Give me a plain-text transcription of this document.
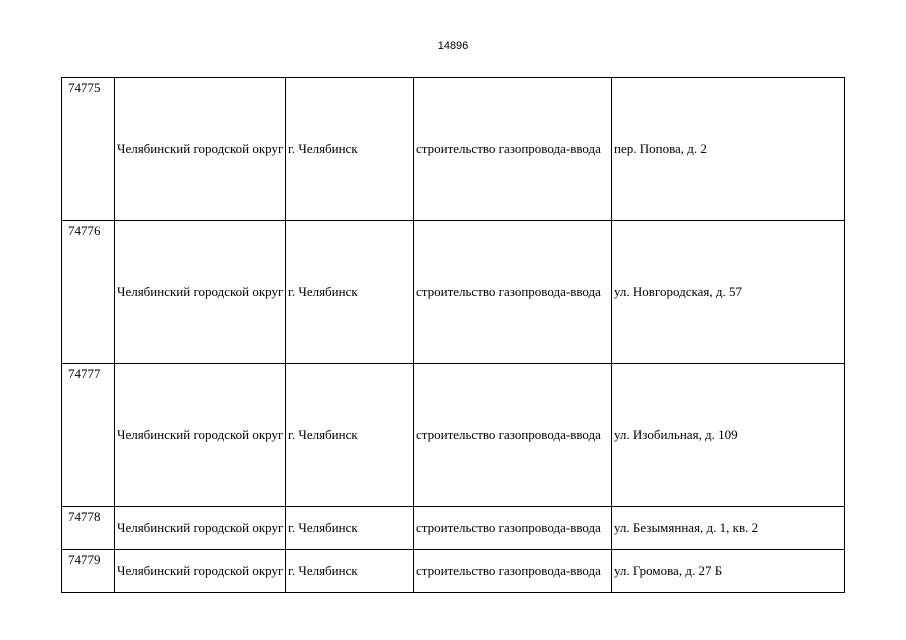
14896
74775	Челябинский городской округ	г. Челябинск	строительство газопровода-ввода	пер. Попова, д. 2
74776	Челябинский городской округ	г. Челябинск	строительство газопровода-ввода	ул. Новгородская, д. 57
74777	Челябинский городской округ	г. Челябинск	строительство газопровода-ввода	ул. Изобильная, д. 109
74778	Челябинский городской округ	г. Челябинск	строительство газопровода-ввода	ул. Безымянная, д. 1, кв. 2
74779	Челябинский городской округ	г. Челябинск	строительство газопровода-ввода	ул. Громова, д. 27 Б
